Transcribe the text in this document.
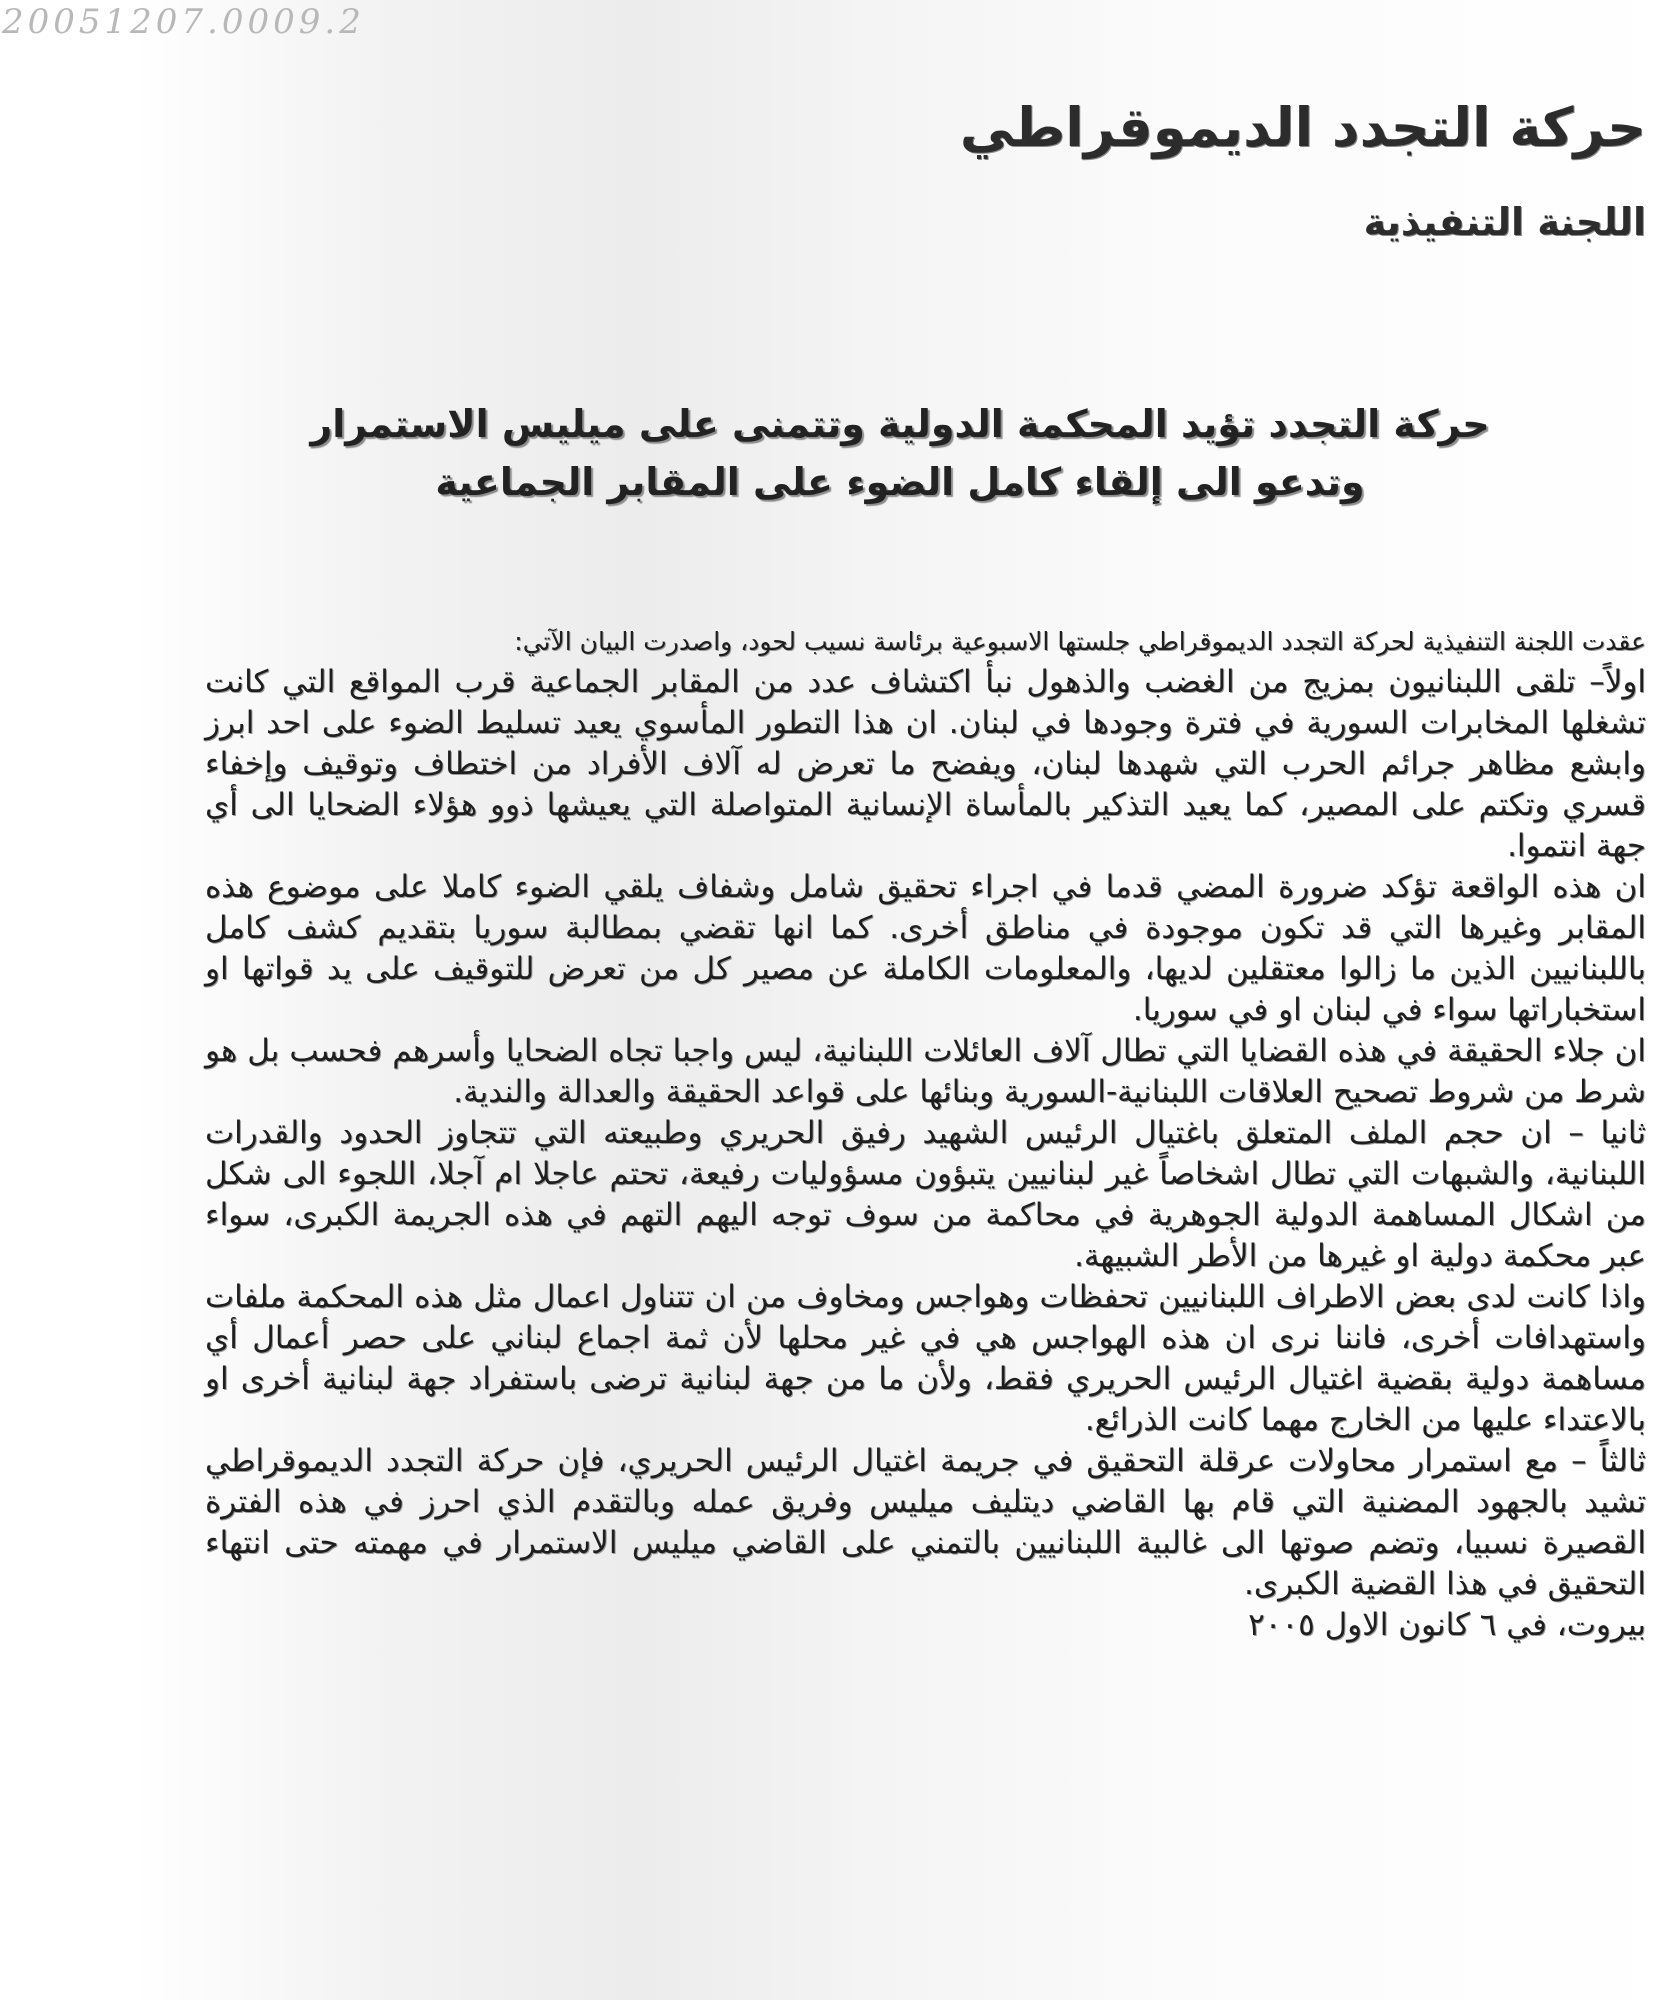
20051207.0009.2
حركة التجدد الديموقراطي
اللجنة التنفيذية
حركة التجدد تؤيد المحكمة الدولية وتتمنى على ميليس الاستمرار
وتدعو الى إلقاء كامل الضوء على المقابر الجماعية

عقدت اللجنة التنفيذية لحركة التجدد الديموقراطي جلستها الاسبوعية برئاسة نسيب لحود، واصدرت البيان الآتي:

اولاً– تلقى اللبنانيون بمزيج من الغضب والذهول نبأ اكتشاف عدد من المقابر الجماعية قرب المواقع التي كانت تشغلها المخابرات السورية في فترة وجودها في لبنان. ان هذا التطور المأسوي يعيد تسليط الضوء على احد ابرز وابشع مظاهر جرائم الحرب التي شهدها لبنان، ويفضح ما تعرض له آلاف الأفراد من اختطاف وتوقيف وإخفاء قسري وتكتم على المصير، كما يعيد التذكير بالمأساة الإنسانية المتواصلة التي يعيشها ذوو هؤلاء الضحايا الى أي جهة انتموا.

ان هذه الواقعة تؤكد ضرورة المضي قدما في اجراء تحقيق شامل وشفاف يلقي الضوء كاملا على موضوع هذه المقابر وغيرها التي قد تكون موجودة في مناطق أخرى. كما انها تقضي بمطالبة سوريا بتقديم كشف كامل باللبنانيين الذين ما زالوا معتقلين لديها، والمعلومات الكاملة عن مصير كل من تعرض للتوقيف على يد قواتها او استخباراتها سواء في لبنان او في سوريا.

ان جلاء الحقيقة في هذه القضايا التي تطال آلاف العائلات اللبنانية، ليس واجبا تجاه الضحايا وأسرهم فحسب بل هو شرط من شروط تصحيح العلاقات اللبنانية-السورية وبنائها على قواعد الحقيقة والعدالة والندية.

ثانيا – ان حجم الملف المتعلق باغتيال الرئيس الشهيد رفيق الحريري وطبيعته التي تتجاوز الحدود والقدرات اللبنانية، والشبهات التي تطال اشخاصاً غير لبنانيين يتبؤون مسؤوليات رفيعة، تحتم عاجلا ام آجلا، اللجوء الى شكل من اشكال المساهمة الدولية الجوهرية في محاكمة من سوف توجه اليهم التهم في هذه الجريمة الكبرى، سواء عبر محكمة دولية او غيرها من الأطر الشبيهة.

واذا كانت لدى بعض الاطراف اللبنانيين تحفظات وهواجس ومخاوف من ان تتناول اعمال مثل هذه المحكمة ملفات واستهدافات أخرى، فاننا نرى ان هذه الهواجس هي في غير محلها لأن ثمة اجماع لبناني على حصر أعمال أي مساهمة دولية بقضية اغتيال الرئيس الحريري فقط، ولأن ما من جهة لبنانية ترضى باستفراد جهة لبنانية أخرى او بالاعتداء عليها من الخارج مهما كانت الذرائع.

ثالثاً – مع استمرار محاولات عرقلة التحقيق في جريمة اغتيال الرئيس الحريري، فإن حركة التجدد الديموقراطي تشيد بالجهود المضنية التي قام بها القاضي ديتليف ميليس وفريق عمله وبالتقدم الذي احرز في هذه الفترة القصيرة نسبيا، وتضم صوتها الى غالبية اللبنانيين بالتمني على القاضي ميليس الاستمرار في مهمته حتى انتهاء التحقيق في هذا القضية الكبرى.

بيروت، في ٦ كانون الاول ٢٠٠٥
